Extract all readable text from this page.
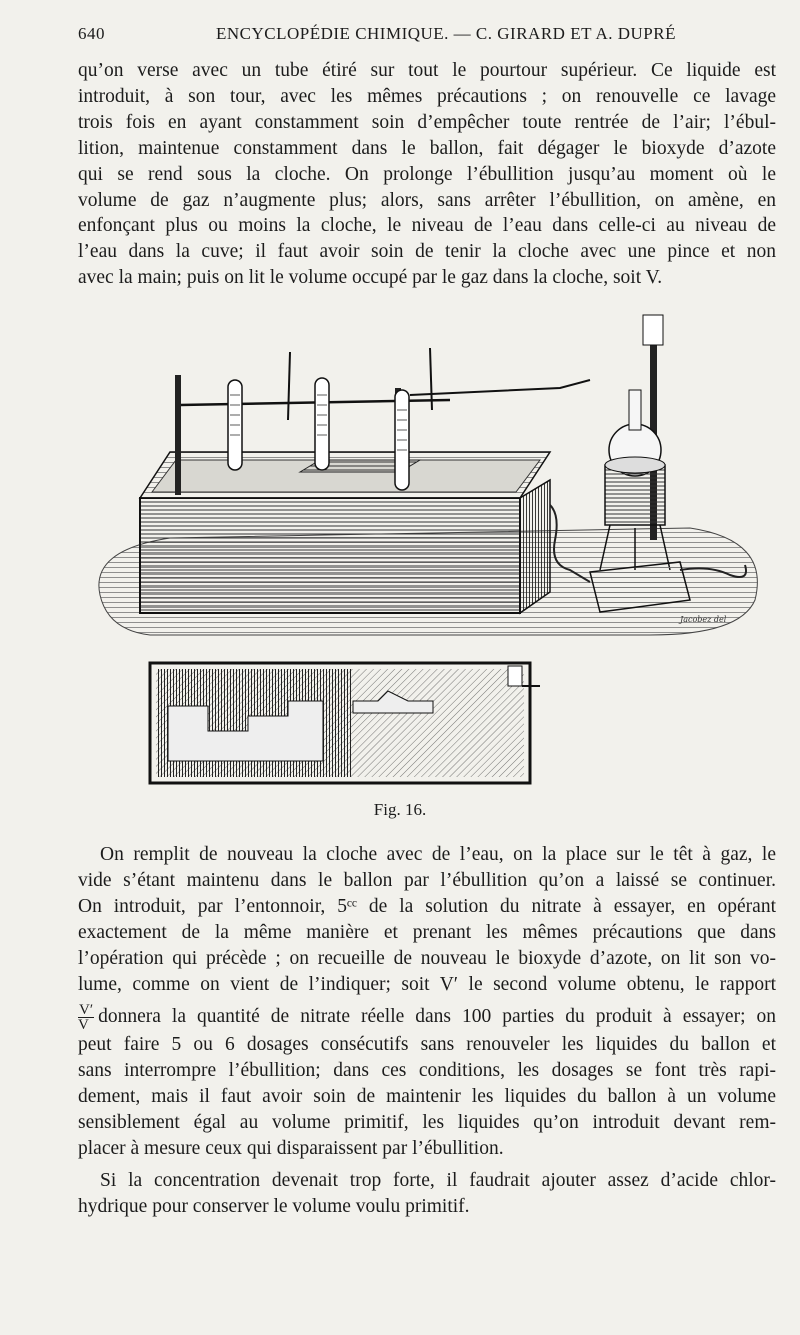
640	ENCYCLOPÉDIE CHIMIQUE. — C. GIRARD ET A. DUPRÉ
qu’on verse avec un tube étiré sur tout le pourtour supérieur. Ce liquide est
introduit, à son tour, avec les mêmes précautions ; on renouvelle ce lavage
trois fois en ayant constamment soin d’empêcher toute rentrée de l’air; l’ébul-
lition, maintenue constamment dans le ballon, fait dégager le bioxyde d’azote
qui se rend sous la cloche. On prolonge l’ébullition jusqu’au moment où le
volume de gaz n’augmente plus; alors, sans arrêter l’ébullition, on amène, en
enfonçant plus ou moins la cloche, le niveau de l’eau dans celle-ci au niveau de
l’eau dans la cuve; il faut avoir soin de tenir la cloche avec une pince et non
avec la main; puis on lit le volume occupé par le gaz dans la cloche, soit V.
Jacobez del
Fig. 16.
On remplit de nouveau la cloche avec de l’eau, on la place sur le têt à gaz, le
vide s’étant maintenu dans le ballon par l’ébullition qu’on a laissé se continuer.
On introduit, par l’entonnoir, 5ᶜᶜ de la solution du nitrate à essayer, en opérant
exactement de la même manière et prenant les mêmes précautions que dans
l’opération qui précède ; on recueille de nouveau le bioxyde d’azote, on lit son vo-
lume, comme on vient de l’indiquer; soit V′ le second volume obtenu, le rapport
$\frac{V'}{V}$ donnera la quantité de nitrate réelle dans 100 parties du produit à essayer; on
peut faire 5 ou 6 dosages consécutifs sans renouveler les liquides du ballon et
sans interrompre l’ébullition; dans ces conditions, les dosages se font très rapi-
dement, mais il faut avoir soin de maintenir les liquides du ballon à un volume
sensiblement égal au volume primitif, les liquides qu’on introduit devant rem-
placer à mesure ceux qui disparaissent par l’ébullition.
Si la concentration devenait trop forte, il faudrait ajouter assez d’acide chlor-
hydrique pour conserver le volume voulu primitif.
